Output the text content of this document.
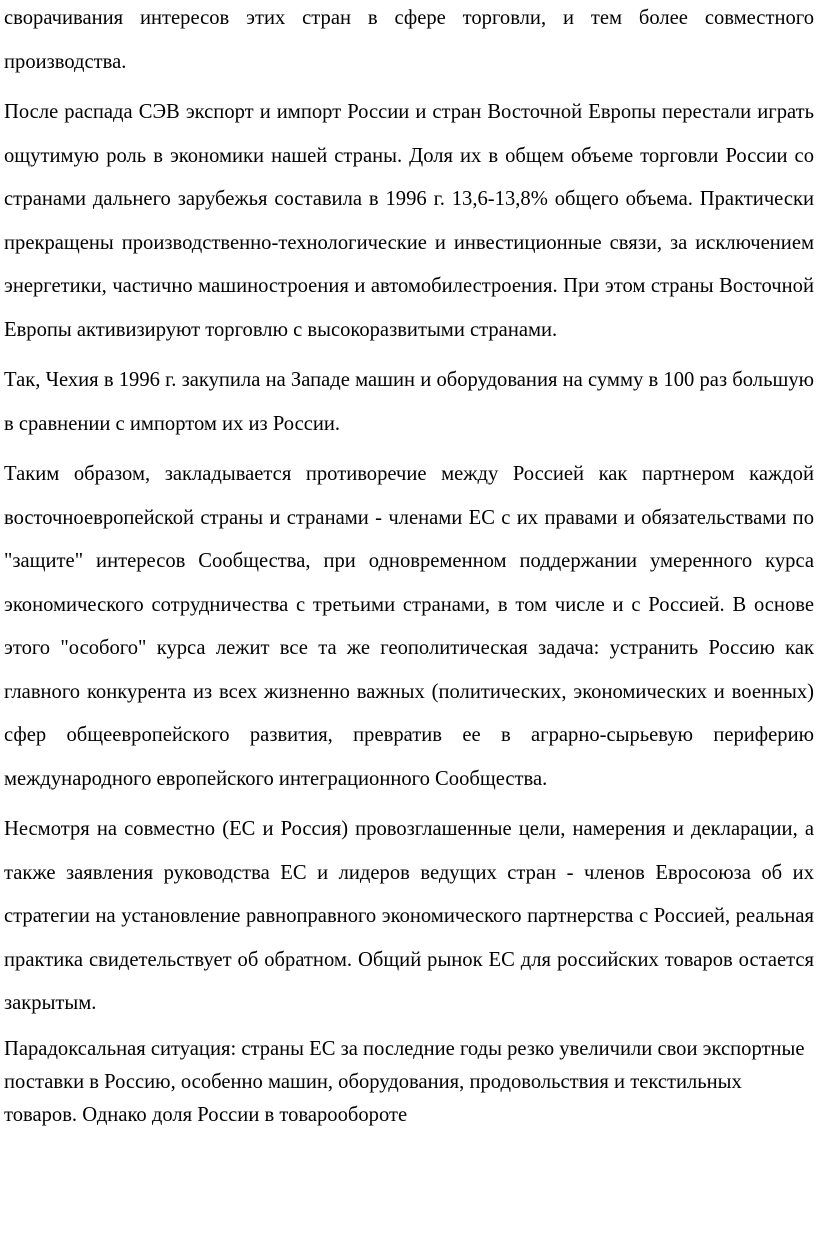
сворачивания интересов этих стран в сфере торговли, и тем более совместного производства.

После распада СЭВ экспорт и импорт России и стран Восточной Европы перестали играть ощутимую роль в экономики нашей страны. Доля их в общем объеме торговли России со странами дальнего зарубежья составила в 1996 г. 13,6-13,8% общего объема. Практически прекращены производственно-технологические и инвестиционные связи, за исключением энергетики, частично машиностроения и автомобилестроения. При этом страны Восточной Европы активизируют торговлю с высокоразвитыми странами.

Так, Чехия в 1996 г. закупила на Западе машин и оборудования на сумму в 100 раз большую в сравнении с импортом их из России.

Таким образом, закладывается противоречие между Россией как партнером каждой восточноевропейской страны и странами - членами ЕС с их правами и обязательствами по "защите" интересов Сообщества, при одновременном поддержании умеренного курса экономического сотрудничества с третьими странами, в том числе и с Россией. В основе этого "особого" курса лежит все та же геополитическая задача: устранить Россию как главного конкурента из всех жизненно важных (политических, экономических и военных) сфер общеевропейского развития, превратив ее в аграрно-сырьевую периферию международного европейского интеграционного Сообщества.

Несмотря на совместно (ЕС и Россия) провозглашенные цели, намерения и декларации, а также заявления руководства ЕС и лидеров ведущих стран - членов Евросоюза об их стратегии на установление равноправного экономического партнерства с Россией, реальная практика свидетельствует об обратном. Общий рынок ЕС для российских товаров остается закрытым.

Парадоксальная ситуация: страны ЕС за последние годы резко увеличили свои экспортные поставки в Россию, особенно машин, оборудования, продовольствия и текстильных товаров. Однако доля России в товарообороте
